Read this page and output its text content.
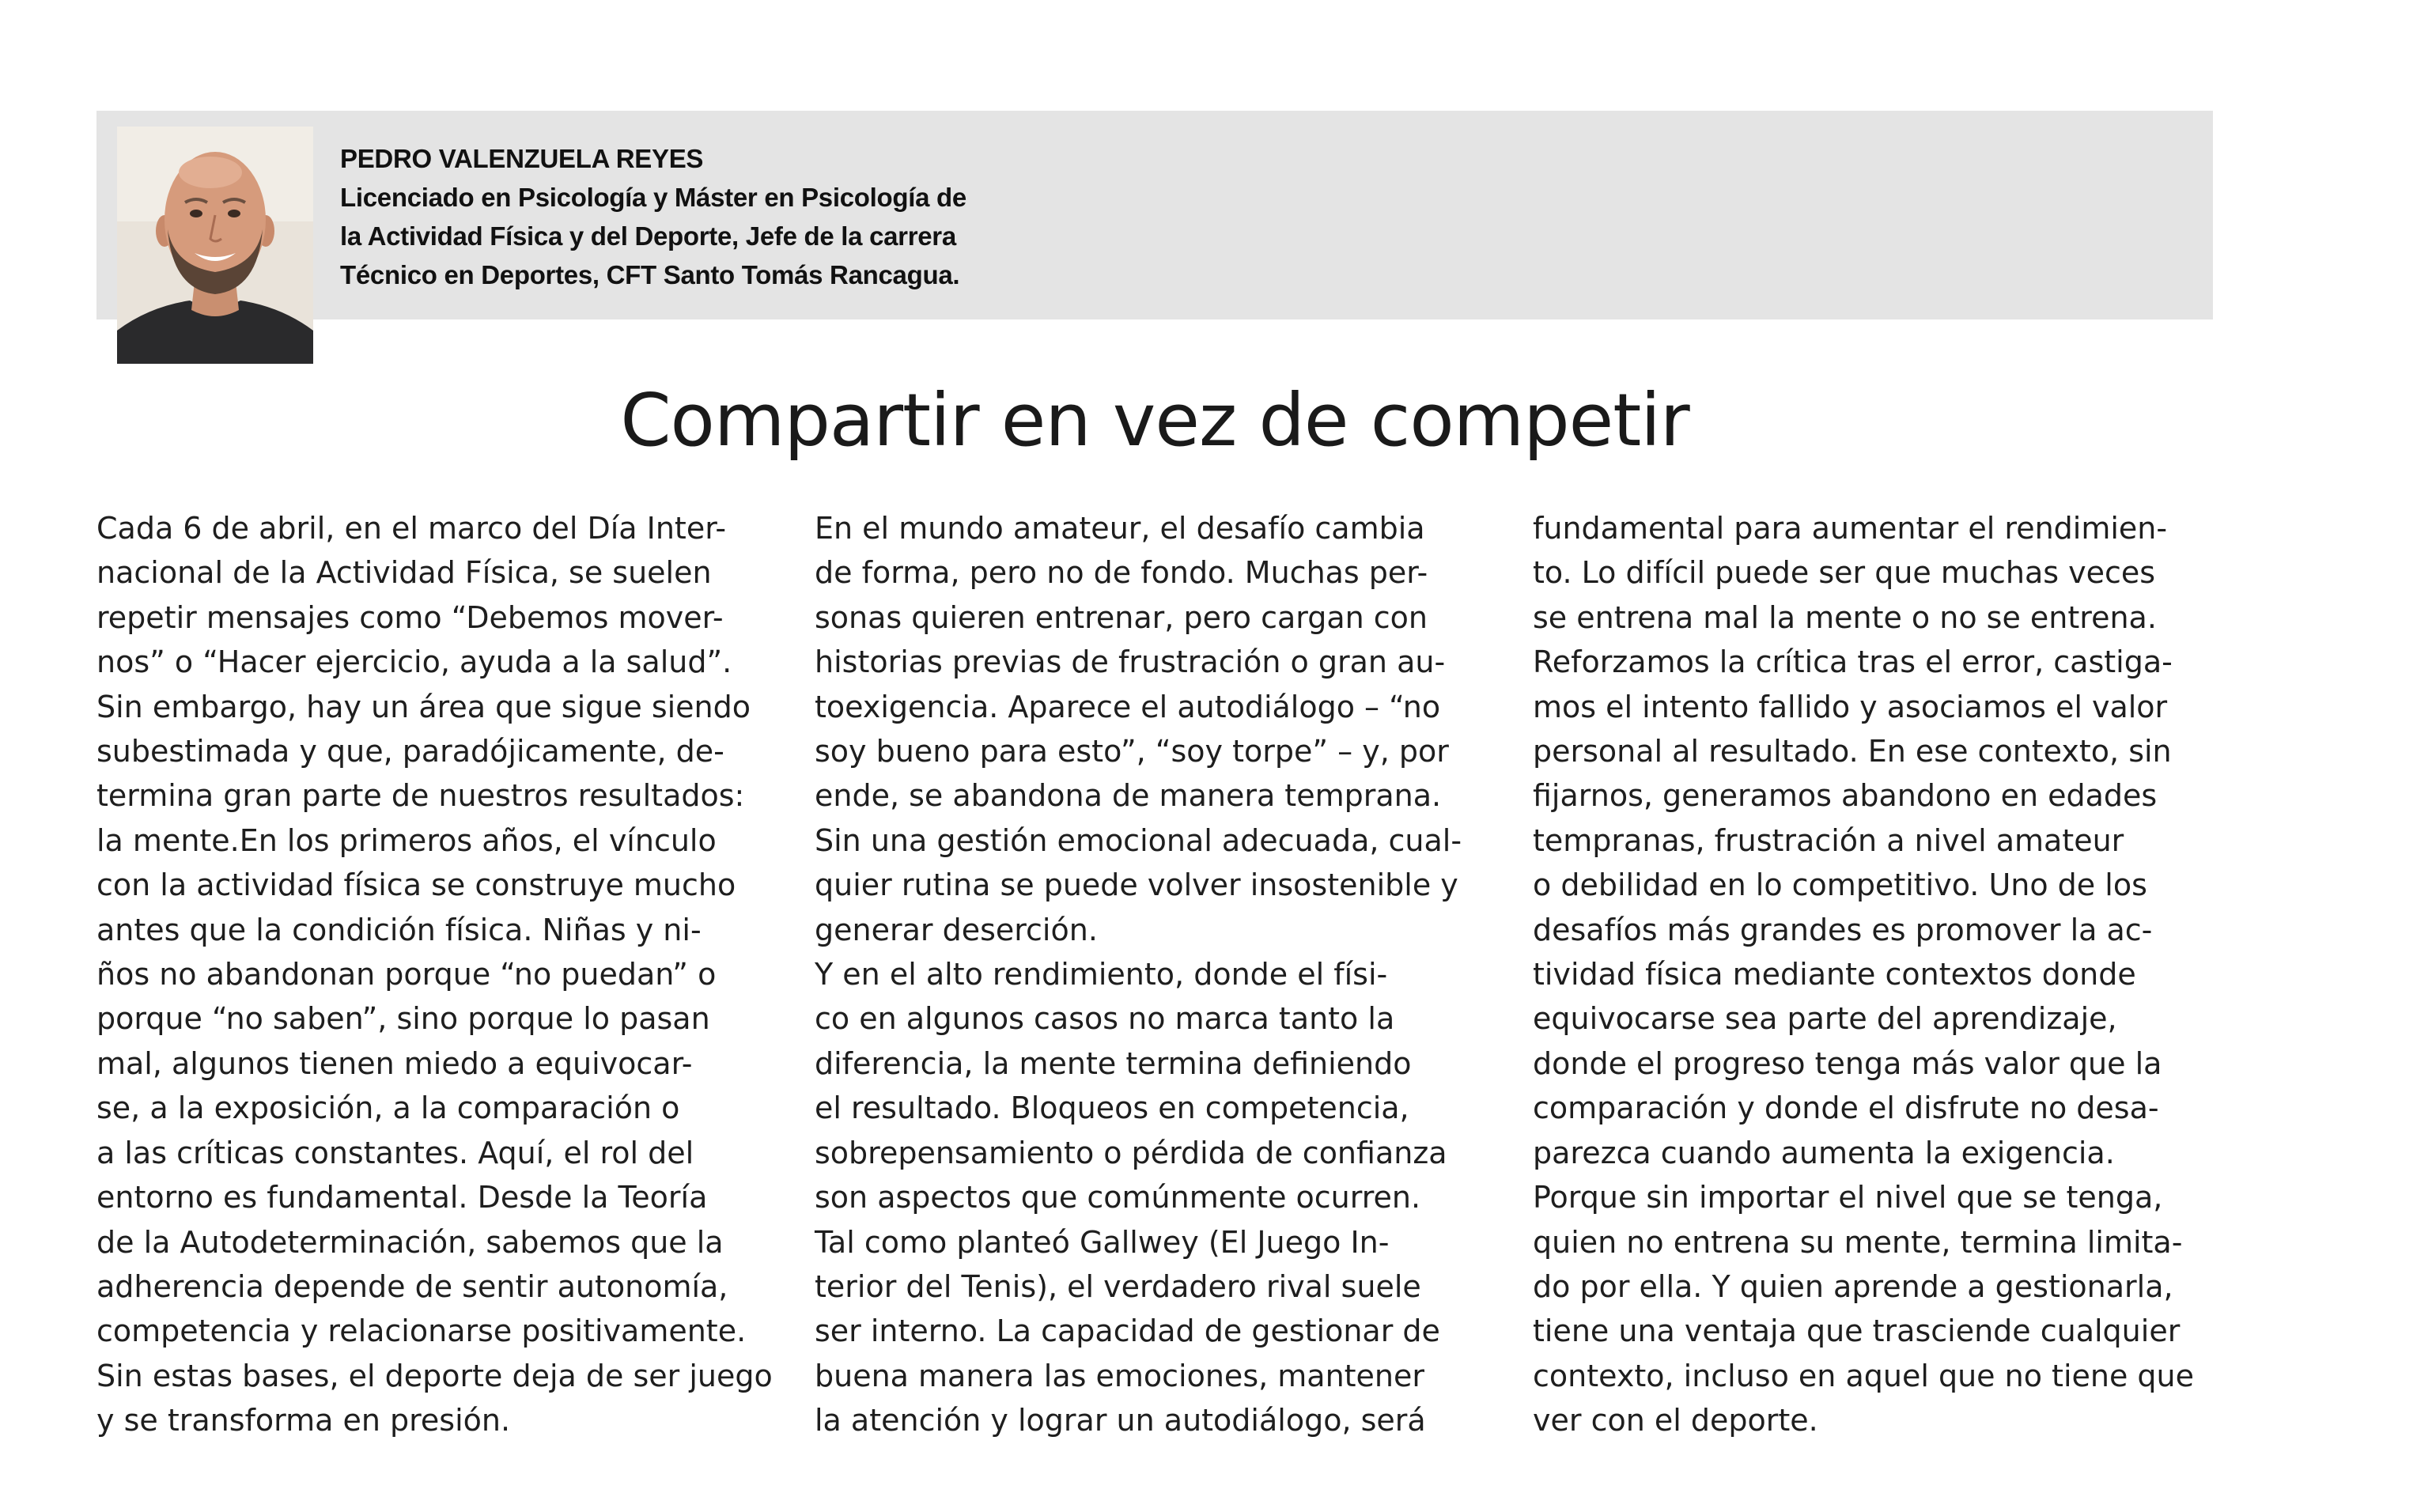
PEDRO VALENZUELA REYES
Licenciado en Psicología y Máster en Psicología de
la Actividad Física y del Deporte, Jefe de la carrera
Técnico en Deportes, CFT Santo Tomás Rancagua.
Compartir en vez de competir

Cada 6 de abril, en el marco del Día Inter-
nacional de la Actividad Física, se suelen
repetir mensajes como “Debemos mover-
nos” o “Hacer ejercicio, ayuda a la salud”.
Sin embargo, hay un área que sigue siendo
subestimada y que, paradójicamente, de-
termina gran parte de nuestros resultados:
la mente.En los primeros años, el vínculo
con la actividad física se construye mucho
antes que la condición física. Niñas y ni-
ños no abandonan porque “no puedan” o
porque “no saben”, sino porque lo pasan
mal, algunos tienen miedo a equivocar-
se, a la exposición, a la comparación o
a las críticas constantes. Aquí, el rol del
entorno es fundamental. Desde la Teoría
de la Autodeterminación, sabemos que la
adherencia depende de sentir autonomía,
competencia y relacionarse positivamente.
Sin estas bases, el deporte deja de ser juego
y se transforma en presión.

En el mundo amateur, el desafío cambia
de forma, pero no de fondo. Muchas per-
sonas quieren entrenar, pero cargan con
historias previas de frustración o gran au-
toexigencia. Aparece el autodiálogo – “no
soy bueno para esto”, “soy torpe” – y, por
ende, se abandona de manera temprana.
Sin una gestión emocional adecuada, cual-
quier rutina se puede volver insostenible y
generar deserción.

Y en el alto rendimiento, donde el físi-
co en algunos casos no marca tanto la
diferencia, la mente termina definiendo
el resultado. Bloqueos en competencia,
sobrepensamiento o pérdida de confianza
son aspectos que comúnmente ocurren.
Tal como planteó Gallwey (El Juego In-
terior del Tenis), el verdadero rival suele
ser interno. La capacidad de gestionar de
buena manera las emociones, mantener
la atención y lograr un autodiálogo, será

fundamental para aumentar el rendimien-
to. Lo difícil puede ser que muchas veces
se entrena mal la mente o no se entrena.
Reforzamos la crítica tras el error, castiga-
mos el intento fallido y asociamos el valor
personal al resultado. En ese contexto, sin
fijarnos, generamos abandono en edades
tempranas, frustración a nivel amateur
o debilidad en lo competitivo. Uno de los
desafíos más grandes es promover la ac-
tividad física mediante contextos donde
equivocarse sea parte del aprendizaje,
donde el progreso tenga más valor que la
comparación y donde el disfrute no desa-
parezca cuando aumenta la exigencia.

Porque sin importar el nivel que se tenga,
quien no entrena su mente, termina limita-
do por ella. Y quien aprende a gestionarla,
tiene una ventaja que trasciende cualquier
contexto, incluso en aquel que no tiene que
ver con el deporte.
